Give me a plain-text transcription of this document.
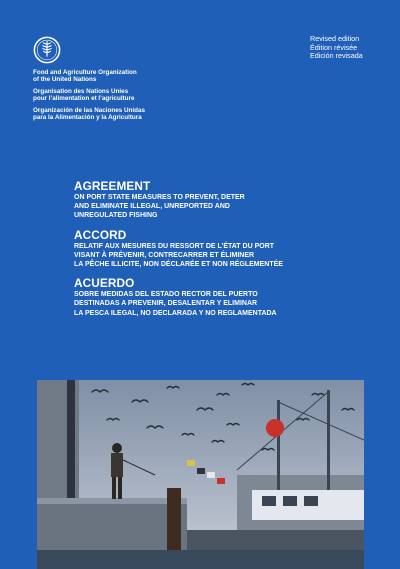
Food and Agriculture Organization
of the United Nations
Organisation des Nations Unies
pour l’alimentation et l’agriculture
Organización de las Naciones Unidas
para la Alimentación y la Agricultura
Revised edition
Édition révisée
Edición revisada
AGREEMENT
ON PORT STATE MEASURES TO PREVENT, DETER
AND ELIMINATE ILLEGAL, UNREPORTED AND
UNREGULATED FISHING
ACCORD
RELATIF AUX MESURES DU RESSORT DE L’ÉTAT DU PORT
VISANT À PRÉVENIR, CONTRECARRER ET ÉLIMINER
LA PÊCHE ILLICITE, NON DÉCLARÉE ET NON RÉGLEMENTÉE
ACUERDO
SOBRE MEDIDAS DEL ESTADO RECTOR DEL PUERTO
DESTINADAS A PREVENIR, DESALENTAR Y ELIMINAR
LA PESCA ILEGAL, NO DECLARADA Y NO REGLAMENTADA
